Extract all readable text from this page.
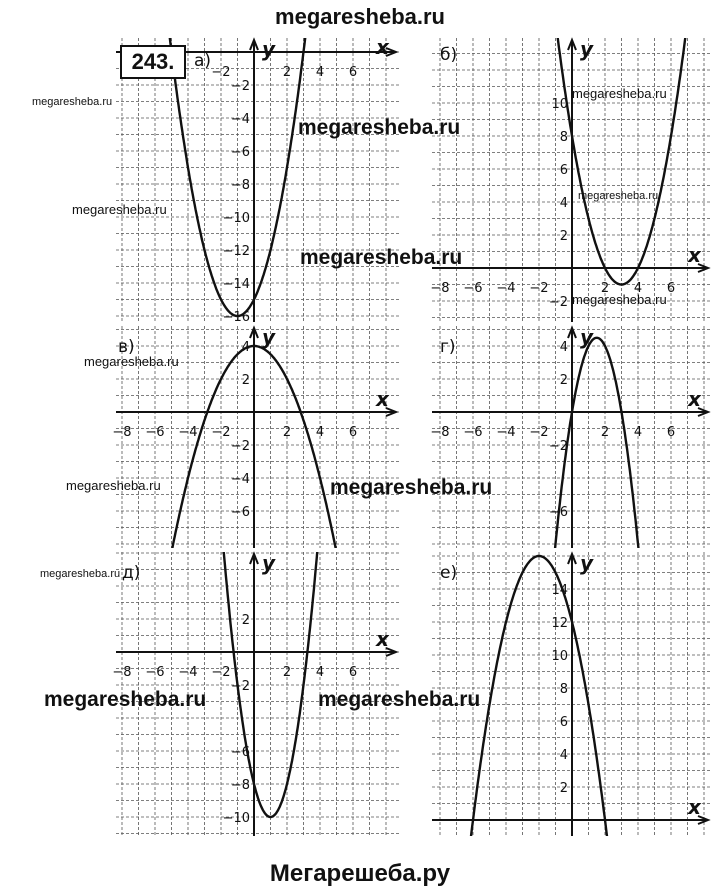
megaresheba.ru
x
y
−2	2 4 6
−2
−4
−6
−8
−10
−12
−14
−16
а)
x
y
−8 −6 −4 −2	2 4 6
−2
2
4
6
8
10
б)
x
y
−8 −6 −4 −2	2 4 6
−2
2
−4
−6
4
в)
x
y
−8 −6 −4 −2	2 4 6
−2
2
4
−6
г)
x
y
−8 −6 −4 −2	2 4 6
−2
2
−6
−8
−10
д)
x
y
2
4
6
8
10
12
14
е)
243.
megaresheba.ru
megaresheba.ru
megaresheba.ru
megaresheba.ru
megaresheba.ru
megaresheba.ru
megaresheba.ru
megaresheba.ru
megaresheba.ru	megaresheba.ru
megaresheba.ru
megaresheba.ru	megaresheba.ru
Мегарешеба.ру
